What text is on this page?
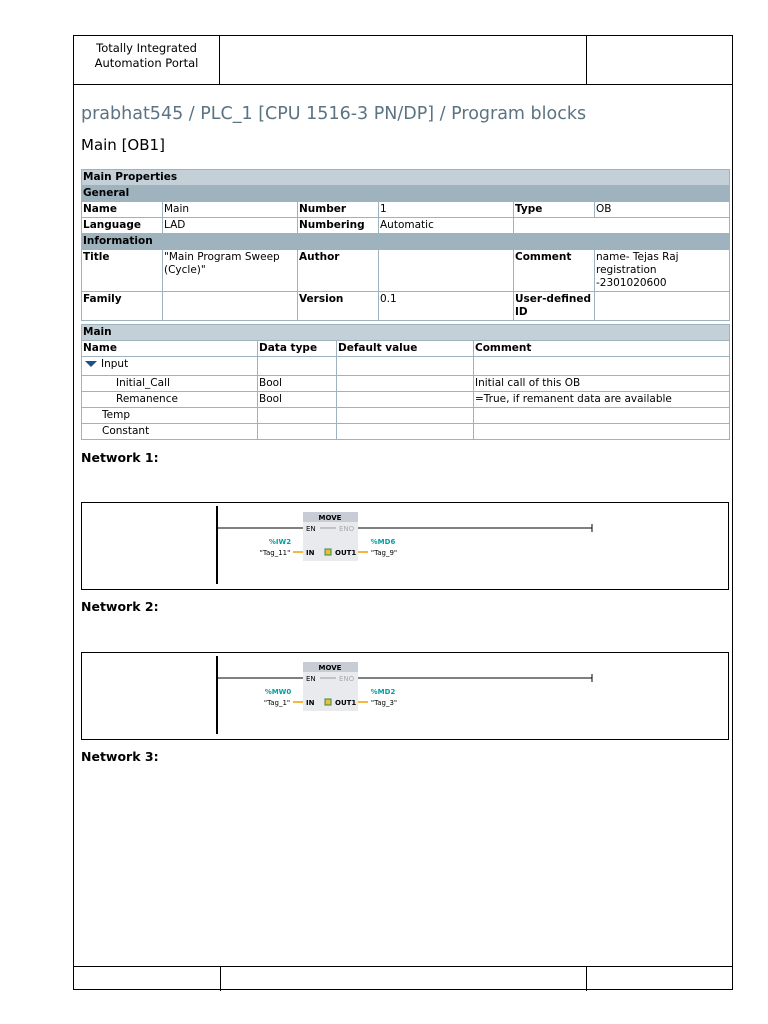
Totally Integrated
Automation Portal
prabhat545 / PLC_1 [CPU 1516-3 PN/DP] / Program blocks
Main [OB1]
Main Properties					
General					
Name	Main	Number	1	Type	OB
Language	LAD	Numbering	Automatic		
Information					
Title	"Main Program Sweep (Cycle)"	Author		Comment	name- Tejas Raj registration -2301020600
Family		Version	0.1	User-defined ID	
Main			
Name	Data type	Default value	Comment
Input			
Initial_Call	Bool		Initial call of this OB
Remanence	Bool		=True, if remanent data are available
Temp			
Constant			
Network 1:
MOVE
EN	ENO
IN	OUT1
%IW2
"Tag_11"
%MD6
"Tag_9"
Network 2:
MOVE
EN	ENO
IN	OUT1
%MW0
"Tag_1"
%MD2
"Tag_3"
Network 3:
